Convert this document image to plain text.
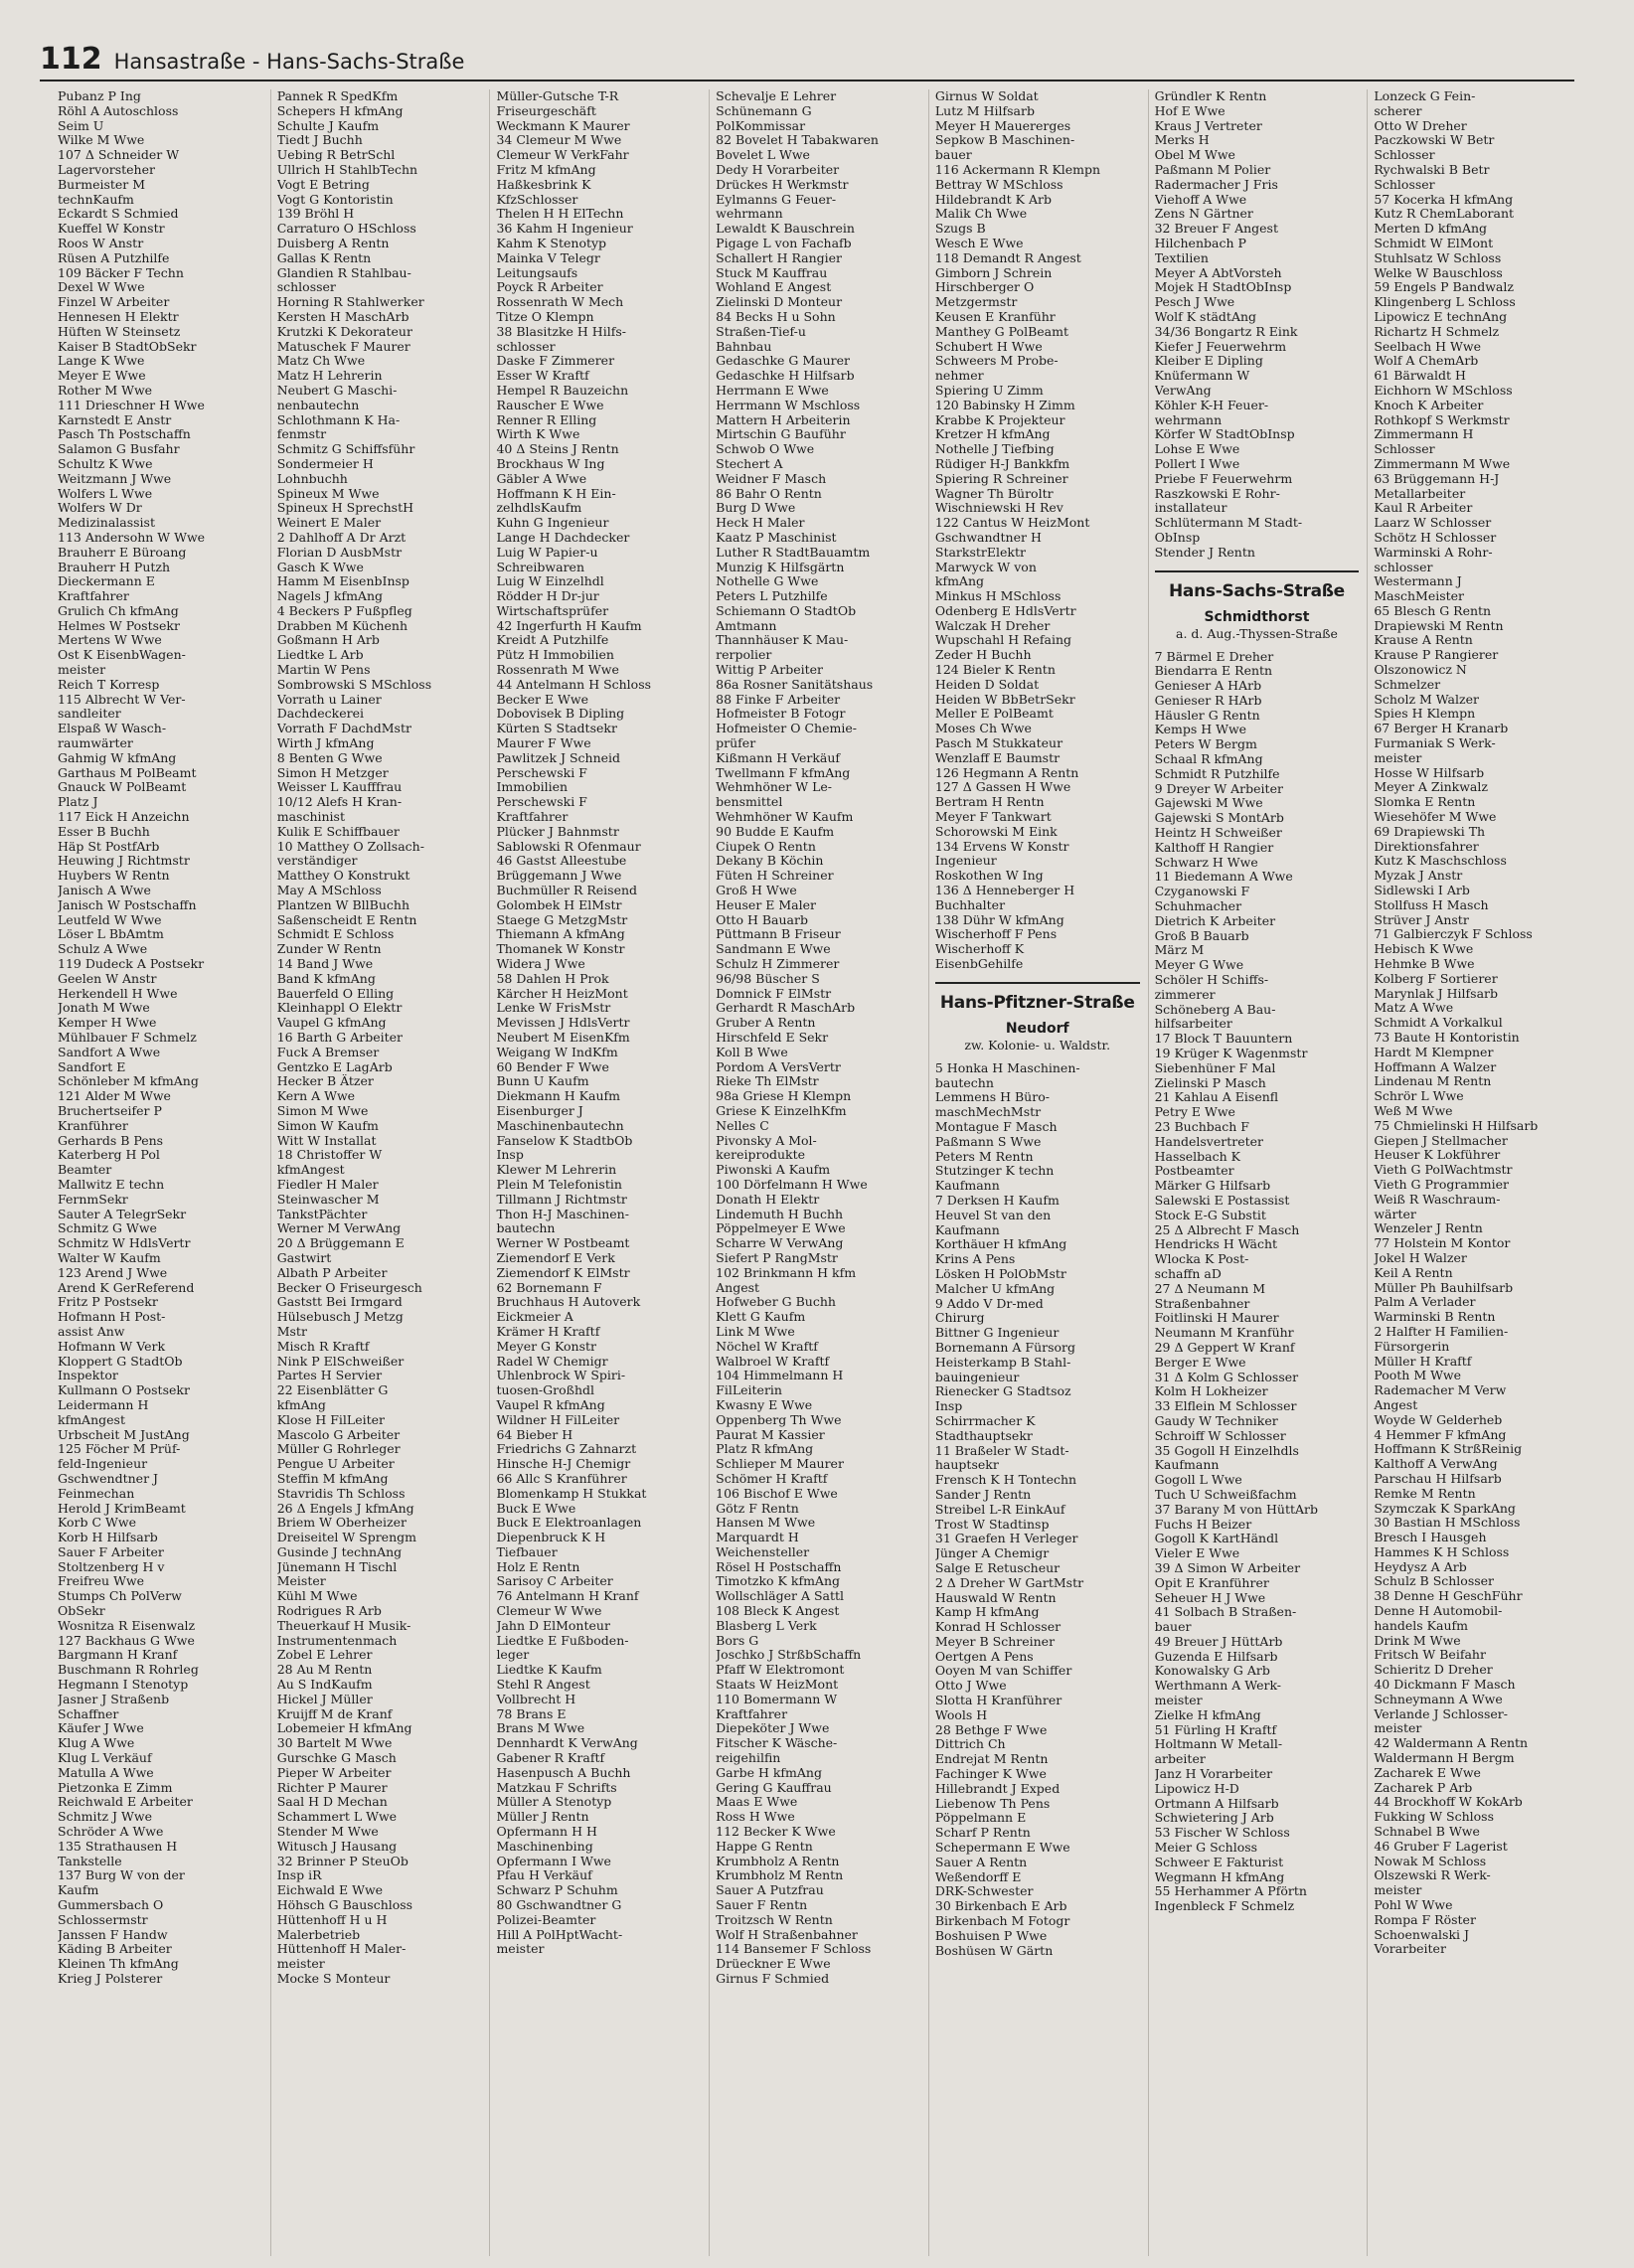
112 Hansastraße - Hans-Sachs-Straße
Pubanz P Ing
Röhl A Autoschloss
Seim U
Wilke M Wwe
107 Δ Schneider W
Lagervorsteher
Burmeister M
technKaufm
Eckardt S Schmied
Kueffel W Konstr
Roos W Anstr
Rüsen A Putzhilfe
109 Bäcker F Techn
Dexel W Wwe
Finzel W Arbeiter
Hennesen H Elektr
Hüften W Steinsetz
Kaiser B StadtObSekr
Lange K Wwe
Meyer E Wwe
Rother M Wwe
111 Drieschner H Wwe
Karnstedt E Anstr
Pasch Th Postschaffn
Salamon G Busfahr
Schultz K Wwe
Weitzmann J Wwe
Wolfers L Wwe
Wolfers W Dr
Medizinalassist
113 Andersohn W Wwe
Brauherr E Büroang
Brauherr H Putzh
Dieckermann E
Kraftfahrer
Grulich Ch kfmAng
Helmes W Postsekr
Mertens W Wwe
Ost K EisenbWagen-
meister
Reich T Korresp
115 Albrecht W Ver-
sandleiter
Elspaß W Wasch-
raumwärter
Gahmig W kfmAng
Garthaus M PolBeamt
Gnauck W PolBeamt
Platz J
117 Eick H Anzeichn
Esser B Buchh
Häp St PostfArb
Heuwing J Richtmstr
Huybers W Rentn
Janisch A Wwe
Janisch W Postschaffn
Leutfeld W Wwe
Löser L BbAmtm
Schulz A Wwe
119 Dudeck A Postsekr
Geelen W Anstr
Herkendell H Wwe
Jonath M Wwe
Kemper H Wwe
Mühlbauer F Schmelz
Sandfort A Wwe
Sandfort E
Schönleber M kfmAng
121 Alder M Wwe
Bruchertseifer P
Kranführer
Gerhards B Pens
Katerberg H Pol
Beamter
Mallwitz E techn
FernmSekr
Sauter A TelegrSekr
Schmitz G Wwe
Schmitz W HdlsVertr
Walter W Kaufm
123 Arend J Wwe
Arend K GerReferend
Fritz P Postsekr
Hofmann H Post-
assist Anw
Hofmann W Verk
Kloppert G StadtOb
Inspektor
Kullmann O Postsekr
Leidermann H
kfmAngest
Urbscheit M JustAng
125 Föcher M Prüf-
feld-Ingenieur
Gschwendtner J
Feinmechan
Herold J KrimBeamt
Korb C Wwe
Korb H Hilfsarb
Sauer F Arbeiter
Stoltzenberg H v
Freifreu Wwe
Stumps Ch PolVerw
ObSekr
Wosnitza R Eisenwalz
127 Backhaus G Wwe
Bargmann H Kranf
Buschmann R Rohrleg
Hegmann I Stenotyp
Jasner J Straßenb
Schaffner
Käufer J Wwe
Klug A Wwe
Klug L Verkäuf
Matulla A Wwe
Pietzonka E Zimm
Reichwald E Arbeiter
Schmitz J Wwe
Schröder A Wwe
135 Strathausen H
Tankstelle
137 Burg W von der
Kaufm
Gummersbach O
Schlossermstr
Janssen F Handw
Käding B Arbeiter
Kleinen Th kfmAng
Krieg J Polsterer
Pannek R SpedKfm
Schepers H kfmAng
Schulte J Kaufm
Tiedt J Buchh
Uebing R BetrSchl
Ullrich H StahlbTechn
Vogt E Betring
Vogt G Kontoristin
139 Bröhl H
Carraturo O HSchloss
Duisberg A Rentn
Gallas K Rentn
Glandien R Stahlbau-
schlosser
Horning R Stahlwerker
Kersten H MaschArb
Krutzki K Dekorateur
Matuschek F Maurer
Matz Ch Wwe
Matz H Lehrerin
Neubert G Maschi-
nenbautechn
Schlothmann K Ha-
fenmstr
Schmitz G Schiffsführ
Sondermeier H
Lohnbuchh
Spineux M Wwe
Spineux H SprechstH
Weinert E Maler
2 Dahlhoff A Dr Arzt
Florian D AusbMstr
Gasch K Wwe
Hamm M EisenbInsp
Nagels J kfmAng
4 Beckers P Fußpfleg
Drabben M Küchenh
Goßmann H Arb
Liedtke L Arb
Martin W Pens
Sombrowski S MSchloss
Vorrath u Lainer
Dachdeckerei
Vorrath F DachdMstr
Wirth J kfmAng
8 Benten G Wwe
Simon H Metzger
Weisser L Kaufffrau
10/12 Alefs H Kran-
maschinist
Kulik E Schiffbauer
10 Matthey O Zollsach-
verständiger
Matthey O Konstrukt
May A MSchloss
Plantzen W BllBuchh
Saßenscheidt E Rentn
Schmidt E Schloss
Zunder W Rentn
14 Band J Wwe
Band K kfmAng
Bauerfeld O Elling
Kleinhappl O Elektr
Vaupel G kfmAng
16 Barth G Arbeiter
Fuck A Bremser
Gentzko E LagArb
Hecker B Ätzer
Kern A Wwe
Simon M Wwe
Simon W Kaufm
Witt W Installat
18 Christoffer W
kfmAngest
Fiedler H Maler
Steinwascher M
TankstPächter
Werner M VerwAng
20 Δ Brüggemann E
Gastwirt
Albath P Arbeiter
Becker O Friseurgesch
Gaststt Bei Irmgard
Hülsebusch J Metzg
Mstr
Misch R Kraftf
Nink P ElSchweißer
Partes H Servier
22 Eisenblätter G
kfmAng
Klose H FilLeiter
Mascolo G Arbeiter
Müller G Rohrleger
Pengue U Arbeiter
Steffin M kfmAng
Stavridis Th Schloss
26 Δ Engels J kfmAng
Briem W Oberheizer
Dreiseitel W Sprengm
Gusinde J technAng
Jünemann H Tischl
Meister
Kühl M Wwe
Rodrigues R Arb
Theuerkauf H Musik-
Instrumentenmach
Zobel E Lehrer
28 Au M Rentn
Au S IndKaufm
Hickel J Müller
Kruijff M de Kranf
Lobemeier H kfmAng
30 Bartelt M Wwe
Gurschke G Masch
Pieper W Arbeiter
Richter P Maurer
Saal H D Mechan
Schammert L Wwe
Stender M Wwe
Witusch J Hausang
32 Brinner P SteuOb
Insp iR
Eichwald E Wwe
Höhsch G Bauschloss
Hüttenhoff H u H
Malerbetrieb
Hüttenhoff H Maler-
meister
Mocke S Monteur
Müller-Gutsche T-R
Friseurgeschäft
Weckmann K Maurer
34 Clemeur M Wwe
Clemeur W VerkFahr
Fritz M kfmAng
Haßkesbrink K
KfzSchlosser
Thelen H H ElTechn
36 Kahm H Ingenieur
Kahm K Stenotyp
Mainka V Telegr
Leitungsaufs
Poyck R Arbeiter
Rossenrath W Mech
Titze O Klempn
38 Blasitzke H Hilfs-
schlosser
Daske F Zimmerer
Esser W Kraftf
Hempel R Bauzeichn
Rauscher E Wwe
Renner R Elling
Wirth K Wwe
40 Δ Steins J Rentn
Brockhaus W Ing
Gäbler A Wwe
Hoffmann K H Ein-
zelhdlsKaufm
Kuhn G Ingenieur
Lange H Dachdecker
Luig W Papier-u
Schreibwaren
Luig W Einzelhdl
Rödder H Dr-jur
Wirtschaftsprüfer
42 Ingerfurth H Kaufm
Kreidt A Putzhilfe
Pütz H Immobilien
Rossenrath M Wwe
44 Antelmann H Schloss
Becker E Wwe
Dobovisek B Dipling
Kürten S Stadtsekr
Maurer F Wwe
Pawlitzek J Schneid
Perschewski F
Immobilien
Perschewski F
Kraftfahrer
Plücker J Bahnmstr
Sablowski R Ofenmaur
46 Gastst Alleestube
Brüggemann J Wwe
Buchmüller R Reisend
Golombek H ElMstr
Staege G MetzgMstr
Thiemann A kfmAng
Thomanek W Konstr
Widera J Wwe
58 Dahlen H Prok
Kärcher H HeizMont
Lenke W FrisMstr
Mevissen J HdlsVertr
Neubert M EisenKfm
Weigang W IndKfm
60 Bender F Wwe
Bunn U Kaufm
Diekmann H Kaufm
Eisenburger J
Maschinenbautechn
Fanselow K StadtbOb
Insp
Klewer M Lehrerin
Plein M Telefonistin
Tillmann J Richtmstr
Thon H-J Maschinen-
bautechn
Werner W Postbeamt
Ziemendorf E Verk
Ziemendorf K ElMstr
62 Bornemann F
Bruchhaus H Autoverk
Eickmeier A
Krämer H Kraftf
Meyer G Konstr
Radel W Chemigr
Uhlenbrock W Spiri-
tuosen-Großhdl
Vaupel R kfmAng
Wildner H FilLeiter
64 Bieber H
Friedrichs G Zahnarzt
Hinsche H-J Chemigr
66 Allc S Kranführer
Blomenkamp H Stukkat
Buck E Wwe
Buck E Elektroanlagen
Diepenbruck K H
Tiefbauer
Holz E Rentn
Sarisoy C Arbeiter
76 Antelmann H Kranf
Clemeur W Wwe
Jahn D ElMonteur
Liedtke E Fußboden-
leger
Liedtke K Kaufm
Stehl R Angest
Vollbrecht H
78 Brans E
Brans M Wwe
Dennhardt K VerwAng
Gabener R Kraftf
Hasenpusch A Buchh
Matzkau F Schrifts
Müller A Stenotyp
Müller J Rentn
Opfermann H H
Maschinenbing
Opfermann I Wwe
Pfau H Verkäuf
Schwarz P Schuhm
80 Gschwandtner G
Polizei-Beamter
Hill A PolHptWacht-
meister
Schevalje E Lehrer
Schünemann G
PolKommissar
82 Bovelet H Tabakwaren
Bovelet L Wwe
Dedy H Vorarbeiter
Drückes H Werkmstr
Eylmanns G Feuer-
wehrmann
Lewaldt K Bauschrein
Pigage L von Fachafb
Schallert H Rangier
Stuck M Kauffrau
Wohland E Angest
Zielinski D Monteur
84 Becks H u Sohn
Straßen-Tief-u
Bahnbau
Gedaschke G Maurer
Gedaschke H Hilfsarb
Herrmann E Wwe
Herrmann W Mschloss
Mattern H Arbeiterin
Mirtschin G Bauführ
Schwob O Wwe
Stechert A
Weidner F Masch
86 Bahr O Rentn
Burg D Wwe
Heck H Maler
Kaatz P Maschinist
Luther R StadtBauamtm
Munzig K Hilfsgärtn
Nothelle G Wwe
Peters L Putzhilfe
Schiemann O StadtOb
Amtmann
Thannhäuser K Mau-
rerpolier
Wittig P Arbeiter
86a Rosner Sanitätshaus
88 Finke F Arbeiter
Hofmeister B Fotogr
Hofmeister O Chemie-
prüfer
Kißmann H Verkäuf
Twellmann F kfmAng
Wehmhöner W Le-
bensmittel
Wehmhöner W Kaufm
90 Budde E Kaufm
Ciupek O Rentn
Dekany B Köchin
Füten H Schreiner
Groß H Wwe
Heuser E Maler
Otto H Bauarb
Püttmann B Friseur
Sandmann E Wwe
Schulz H Zimmerer
96/98 Büscher S
Domnick F ElMstr
Gerhardt R MaschArb
Gruber A Rentn
Hirschfeld E Sekr
Koll B Wwe
Pordom A VersVertr
Rieke Th ElMstr
98a Griese H Klempn
Griese K EinzelhKfm
Nelles C
Pivonsky A Mol-
kereiprodukte
Piwonski A Kaufm
100 Dörfelmann H Wwe
Donath H Elektr
Lindemuth H Buchh
Pöppelmeyer E Wwe
Scharre W VerwAng
Siefert P RangMstr
102 Brinkmann H kfm
Angest
Hofweber G Buchh
Klett G Kaufm
Link M Wwe
Nöchel W Kraftf
Walbroel W Kraftf
104 Himmelmann H
FilLeiterin
Kwasny E Wwe
Oppenberg Th Wwe
Paurat M Kassier
Platz R kfmAng
Schlieper M Maurer
Schömer H Kraftf
106 Bischof E Wwe
Götz F Rentn
Hansen M Wwe
Marquardt H
Weichensteller
Rösel H Postschaffn
Timotzko K kfmAng
Wollschläger A Sattl
108 Bleck K Angest
Blasberg L Verk
Bors G
Joschko J StrßbSchaffn
Pfaff W Elektromont
Staats W HeizMont
110 Bomermann W
Kraftfahrer
Diepeköter J Wwe
Fitscher K Wäsche-
reigehilfin
Garbe H kfmAng
Gering G Kauffrau
Maas E Wwe
Ross H Wwe
112 Becker K Wwe
Happe G Rentn
Krumbholz A Rentn
Krumbholz M Rentn
Sauer A Putzfrau
Sauer F Rentn
Troitzsch W Rentn
Wolf H Straßenbahner
114 Bansemer F Schloss
Drüeckner E Wwe
Girnus F Schmied
Girnus W Soldat
Lutz M Hilfsarb
Meyer H Mauererges
Sepkow B Maschinen-
bauer
116 Ackermann R Klempn
Bettray W MSchloss
Hildebrandt K Arb
Malik Ch Wwe
Szugs B
Wesch E Wwe
118 Demandt R Angest
Gimborn J Schrein
Hirschberger O
Metzgermstr
Keusen E Kranführ
Manthey G PolBeamt
Schubert H Wwe
Schweers M Probe-
nehmer
Spiering U Zimm
120 Babinsky H Zimm
Krabbe K Projekteur
Kretzer H kfmAng
Nothelle J Tiefbing
Rüdiger H-J Bankkfm
Spiering R Schreiner
Wagner Th Büroltr
Wischniewski H Rev
122 Cantus W HeizMont
Gschwandtner H
StarkstrElektr
Marwyck W von
kfmAng
Minkus H MSchloss
Odenberg E HdlsVertr
Walczak H Dreher
Wupschahl H Refaing
Zeder H Buchh
124 Bieler K Rentn
Heiden D Soldat
Heiden W BbBetrSekr
Meller E PolBeamt
Moses Ch Wwe
Pasch M Stukkateur
Wenzlaff E Baumstr
126 Hegmann A Rentn
127 Δ Gassen H Wwe
Bertram H Rentn
Meyer F Tankwart
Schorowski M Eink
134 Ervens W Konstr
Ingenieur
Roskothen W Ing
136 Δ Henneberger H
Buchhalter
138 Dühr W kfmAng
Wischerhoff F Pens
Wischerhoff K
EisenbGehilfe
Hans-Pfitzner-Straße
Neudorf
zw. Kolonie- u. Waldstr.
5 Honka H Maschinen-
bautechn
Lemmens H Büro-
maschMechMstr
Montague F Masch
Paßmann S Wwe
Peters M Rentn
Stutzinger K techn
Kaufmann
7 Derksen H Kaufm
Heuvel St van den
Kaufmann
Korthäuer H kfmAng
Krins A Pens
Lösken H PolObMstr
Malcher U kfmAng
9 Addo V Dr-med
Chirurg
Bittner G Ingenieur
Bornemann A Fürsorg
Heisterkamp B Stahl-
bauingenieur
Rienecker G Stadtsoz
Insp
Schirrmacher K
Stadthauptsekr
11 Braßeler W Stadt-
hauptsekr
Frensch K H Tontechn
Sander J Rentn
Streibel L-R EinkAuf
Trost W Stadtinsp
31 Graefen H Verleger
Jünger A Chemigr
Salge E Retuscheur
2 Δ Dreher W GartMstr
Hauswald W Rentn
Kamp H kfmAng
Konrad H Schlosser
Meyer B Schreiner
Oertgen A Pens
Ooyen M van Schiffer
Otto J Wwe
Slotta H Kranführer
Wools H
28 Bethge F Wwe
Dittrich Ch
Endrejat M Rentn
Fachinger K Wwe
Hillebrandt J Exped
Liebenow Th Pens
Pöppelmann E
Scharf P Rentn
Schepermann E Wwe
Sauer A Rentn
Weßendorff E
DRK-Schwester
30 Birkenbach E Arb
Birkenbach M Fotogr
Boshuisen P Wwe
Boshüsen W Gärtn
Gründler K Rentn
Hof E Wwe
Kraus J Vertreter
Merks H
Obel M Wwe
Paßmann M Polier
Radermacher J Fris
Viehoff A Wwe
Zens N Gärtner
32 Breuer F Angest
Hilchenbach P
Textilien
Meyer A AbtVorsteh
Mojek H StadtObInsp
Pesch J Wwe
Wolf K städtAng
34/36 Bongartz R Eink
Kiefer J Feuerwehrm
Kleiber E Dipling
Knüfermann W
VerwAng
Köhler K-H Feuer-
wehrmann
Körfer W StadtObInsp
Lohse E Wwe
Pollert I Wwe
Priebe F Feuerwehrm
Raszkowski E Rohr-
installateur
Schlütermann M Stadt-
ObInsp
Stender J Rentn
Hans-Sachs-Straße
Schmidthorst
a. d. Aug.-Thyssen-Straße
7 Bärmel E Dreher
Biendarra E Rentn
Genieser A HArb
Genieser R HArb
Häusler G Rentn
Kemps H Wwe
Peters W Bergm
Schaal R kfmAng
Schmidt R Putzhilfe
9 Dreyer W Arbeiter
Gajewski M Wwe
Gajewski S MontArb
Heintz H Schweißer
Kalthoff H Rangier
Schwarz H Wwe
11 Biedemann A Wwe
Czyganowski F
Schuhmacher
Dietrich K Arbeiter
Groß B Bauarb
März M
Meyer G Wwe
Schöler H Schiffs-
zimmerer
Schöneberg A Bau-
hilfsarbeiter
17 Block T Bauuntern
19 Krüger K Wagenmstr
Siebenhüner F Mal
Zielinski P Masch
21 Kahlau A Eisenfl
Petry E Wwe
23 Buchbach F
Handelsvertreter
Hasselbach K
Postbeamter
Märker G Hilfsarb
Salewski E Postassist
Stock E-G Substit
25 Δ Albrecht F Masch
Hendricks H Wächt
Wlocka K Post-
schaffn aD
27 Δ Neumann M
Straßenbahner
Foitlinski H Maurer
Neumann M Kranführ
29 Δ Geppert W Kranf
Berger E Wwe
31 Δ Kolm G Schlosser
Kolm H Lokheizer
33 Elflein M Schlosser
Gaudy W Techniker
Schroiff W Schlosser
35 Gogoll H Einzelhdls
Kaufmann
Gogoll L Wwe
Tuch U Schweißfachm
37 Barany M von HüttArb
Fuchs H Beizer
Gogoll K KartHändl
Vieler E Wwe
39 Δ Simon W Arbeiter
Opit E Kranführer
Seheuer H J Wwe
41 Solbach B Straßen-
bauer
49 Breuer J HüttArb
Guzenda E Hilfsarb
Konowalsky G Arb
Werthmann A Werk-
meister
Zielke H kfmAng
51 Fürling H Kraftf
Holtmann W Metall-
arbeiter
Janz H Vorarbeiter
Lipowicz H-D
Ortmann A Hilfsarb
Schwietering J Arb
53 Fischer W Schloss
Meier G Schloss
Schweer E Fakturist
Wegmann H kfmAng
55 Herhammer A Pförtn
Ingenbleck F Schmelz
Lonzeck G Fein-
scherer
Otto W Dreher
Paczkowski W Betr
Schlosser
Rychwalski B Betr
Schlosser
57 Kocerka H kfmAng
Kutz R ChemLaborant
Merten D kfmAng
Schmidt W ElMont
Stuhlsatz W Schloss
Welke W Bauschloss
59 Engels P Bandwalz
Klingenberg L Schloss
Lipowicz E technAng
Richartz H Schmelz
Seelbach H Wwe
Wolf A ChemArb
61 Bärwaldt H
Eichhorn W MSchloss
Knoch K Arbeiter
Rothkopf S Werkmstr
Zimmermann H
Schlosser
Zimmermann M Wwe
63 Brüggemann H-J
Metallarbeiter
Kaul R Arbeiter
Laarz W Schlosser
Schötz H Schlosser
Warminski A Rohr-
schlosser
Westermann J
MaschMeister
65 Blesch G Rentn
Drapiewski M Rentn
Krause A Rentn
Krause P Rangierer
Olszonowicz N
Schmelzer
Scholz M Walzer
Spies H Klempn
67 Berger H Kranarb
Furmaniak S Werk-
meister
Hosse W Hilfsarb
Meyer A Zinkwalz
Slomka E Rentn
Wiesehöfer M Wwe
69 Drapiewski Th
Direktionsfahrer
Kutz K Maschschloss
Myzak J Anstr
Sidlewski I Arb
Stollfuss H Masch
Strüver J Anstr
71 Galbierczyk F Schloss
Hebisch K Wwe
Hehmke B Wwe
Kolberg F Sortierer
Marynlak J Hilfsarb
Matz A Wwe
Schmidt A Vorkalkul
73 Baute H Kontoristin
Hardt M Klempner
Hoffmann A Walzer
Lindenau M Rentn
Schrör L Wwe
Weß M Wwe
75 Chmielinski H Hilfsarb
Giepen J Stellmacher
Heuser K Lokführer
Vieth G PolWachtmstr
Vieth G Programmier
Weiß R Waschraum-
wärter
Wenzeler J Rentn
77 Holstein M Kontor
Jokel H Walzer
Keil A Rentn
Müller Ph Bauhilfsarb
Palm A Verlader
Warminski B Rentn
2 Halfter H Familien-
Fürsorgerin
Müller H Kraftf
Pooth M Wwe
Rademacher M Verw
Angest
Woyde W Gelderheb
4 Hemmer F kfmAng
Hoffmann K StrßReinig
Kalthoff A VerwAng
Parschau H Hilfsarb
Remke M Rentn
Szymczak K SparkAng
30 Bastian H MSchloss
Bresch I Hausgeh
Hammes K H Schloss
Heydysz A Arb
Schulz B Schlosser
38 Denne H GeschFühr
Denne H Automobil-
handels Kaufm
Drink M Wwe
Fritsch W Beifahr
Schieritz D Dreher
40 Dickmann F Masch
Schneymann A Wwe
Verlande J Schlosser-
meister
42 Waldermann A Rentn
Waldermann H Bergm
Zacharek E Wwe
Zacharek P Arb
44 Brockhoff W KokArb
Fukking W Schloss
Schnabel B Wwe
46 Gruber F Lagerist
Nowak M Schloss
Olszewski R Werk-
meister
Pohl W Wwe
Rompa F Röster
Schoenwalski J
Vorarbeiter
